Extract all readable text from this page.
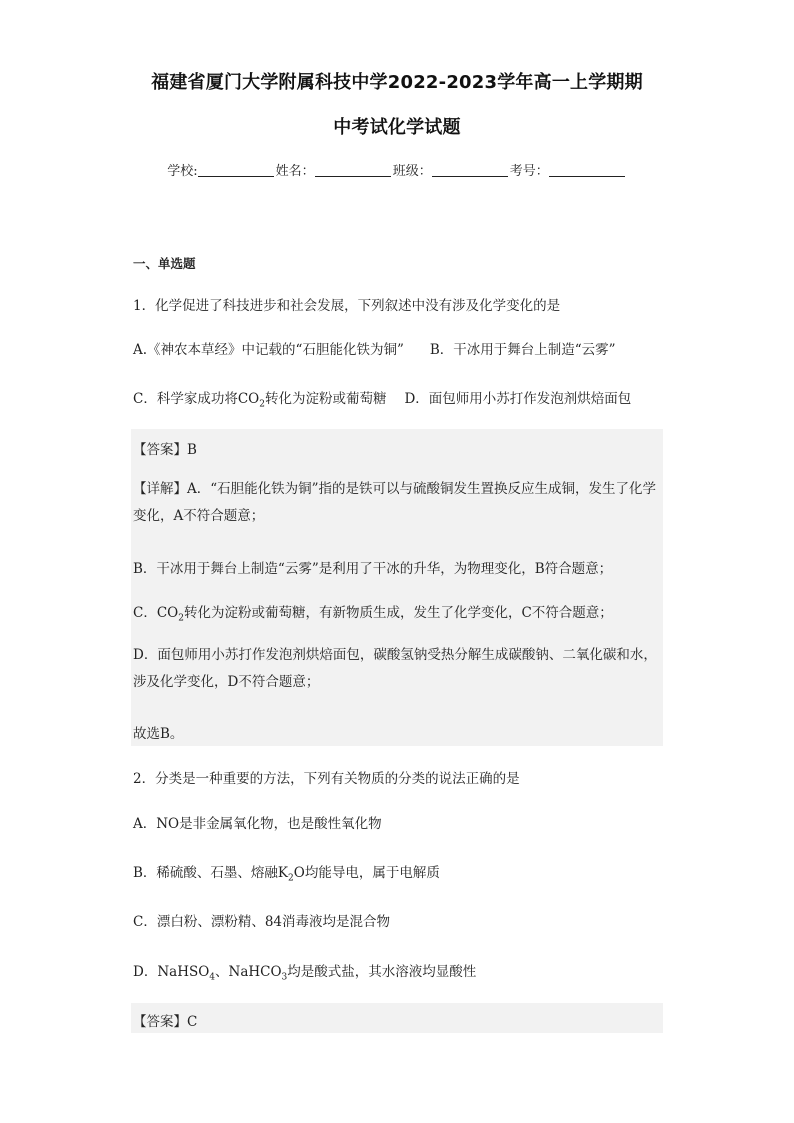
福建省厦门大学附属科技中学2022-2023学年高一上学期期
中考试化学试题
学校:	姓名：	班级：	考号：
一、单选题
1．化学促进了科技进步和社会发展，下列叙述中没有涉及化学变化的是
A.《神农本草经》中记载的“石胆能化铁为铜” B．干冰用于舞台上制造“云雾”
C．科学家成功将$CO_2$转化为淀粉或葡萄糖 D．面包师用小苏打作发泡剂烘焙面包
【答案】B
【详解】A．“石胆能化铁为铜”指的是铁可以与硫酸铜发生置换反应生成铜，发生了化学变化，A不符合题意；
B．干冰用于舞台上制造“云雾”是利用了干冰的升华，为物理变化，B符合题意；
C．$CO_2$转化为淀粉或葡萄糖，有新物质生成，发生了化学变化，C不符合题意；
D．面包师用小苏打作发泡剂烘焙面包，碳酸氢钠受热分解生成碳酸钠、二氧化碳和水，涉及化学变化，D不符合题意；
故选B。
2．分类是一种重要的方法，下列有关物质的分类的说法正确的是
A．NO是非金属氧化物，也是酸性氧化物
B．稀硫酸、石墨、熔融$K_2O$均能导电，属于电解质
C．漂白粉、漂粉精、84消毒液均是混合物
D．NaHSO$_4$、NaHCO$_3$均是酸式盐，其水溶液均显酸性
【答案】C
